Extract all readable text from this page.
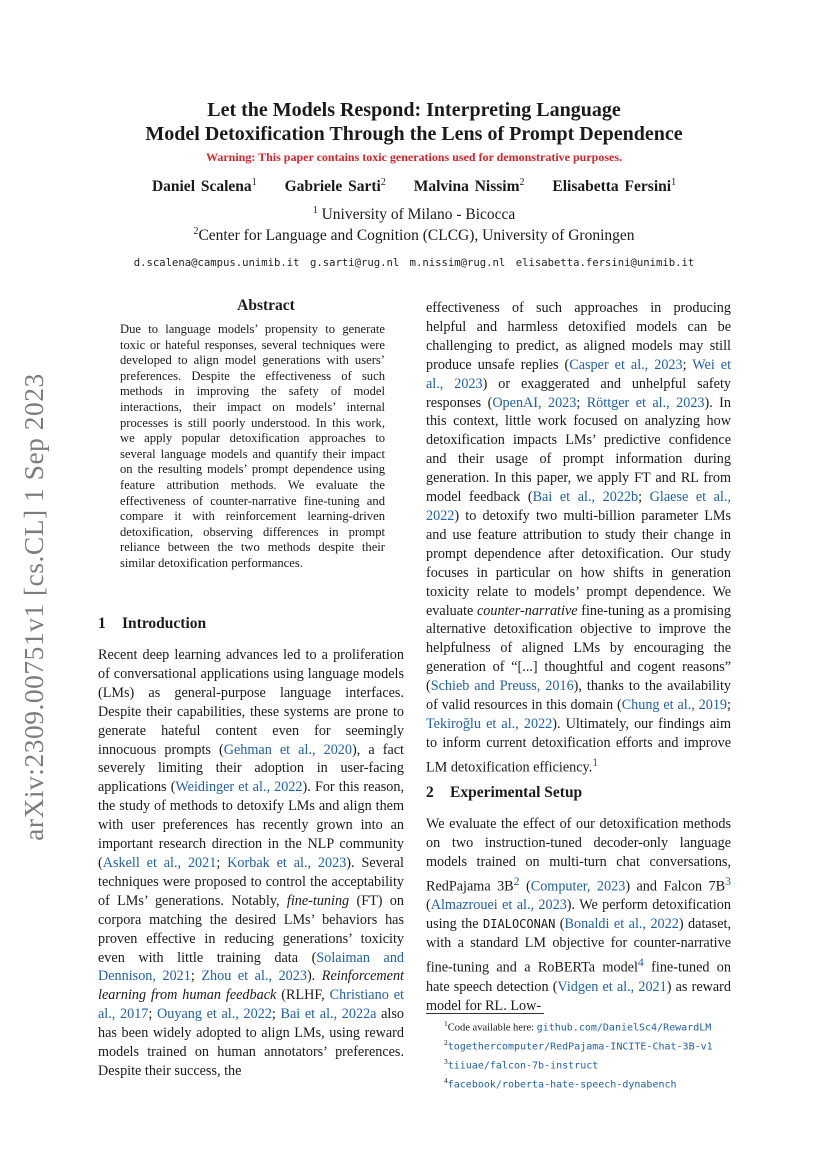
arXiv:2309.00751v1 [cs.CL] 1 Sep 2023
Let the Models Respond: Interpreting Language
Model Detoxification Through the Lens of Prompt Dependence
Warning: This paper contains toxic generations used for demonstrative purposes.
Daniel Scalena$^1$ Gabriele Sarti$^2$ Malvina Nissim$^2$ Elisabetta Fersini$^1$
$^1$ University of Milano - Bicocca
$^2$Center for Language and Cognition (CLCG), University of Groningen
d.scalena@campus.unimib.it g.sarti@rug.nl m.nissim@rug.nl elisabetta.fersini@unimib.it
Abstract
Due to language models’ propensity to generate toxic or hateful responses, several techniques were developed to align model generations with users’ preferences. Despite the effectiveness of such methods in improving the safety of model interactions, their impact on models’ internal processes is still poorly understood. In this work, we apply popular detoxification approaches to several language models and quantify their impact on the resulting models’ prompt dependence using feature attribution methods. We evaluate the effectiveness of counter-narrative fine-tuning and compare it with reinforcement learning-driven detoxification, observing differences in prompt reliance between the two methods despite their similar detoxification performances.
1 Introduction

Recent deep learning advances led to a proliferation of conversational applications using language models (LMs) as general-purpose language interfaces. Despite their capabilities, these systems are prone to generate hateful content even for seemingly innocuous prompts (Gehman et al., 2020), a fact severely limiting their adoption in user-facing applications (Weidinger et al., 2022). For this reason, the study of methods to detoxify LMs and align them with user preferences has recently grown into an important research direction in the NLP community (Askell et al., 2021; Korbak et al., 2023). Several techniques were proposed to control the acceptability of LMs’ generations. Notably, fine-tuning (FT) on corpora matching the desired LMs’ behaviors has proven effective in reducing generations’ toxicity even with little training data (Solaiman and Dennison, 2021; Zhou et al., 2023). Reinforcement learning from human feedback (RLHF, Christiano et al., 2017; Ouyang et al., 2022; Bai et al., 2022a also has been widely adopted to align LMs, using reward models trained on human annotators’ preferences. Despite their success, the

effectiveness of such approaches in producing helpful and harmless detoxified models can be challenging to predict, as aligned models may still produce unsafe replies (Casper et al., 2023; Wei et al., 2023) or exaggerated and unhelpful safety responses (OpenAI, 2023; Röttger et al., 2023). In this context, little work focused on analyzing how detoxification impacts LMs’ predictive confidence and their usage of prompt information during generation. In this paper, we apply FT and RL from model feedback (Bai et al., 2022b; Glaese et al., 2022) to detoxify two multi-billion parameter LMs and use feature attribution to study their change in prompt dependence after detoxification. Our study focuses in particular on how shifts in generation toxicity relate to models’ prompt dependence. We evaluate counter-narrative fine-tuning as a promising alternative detoxification objective to improve the helpfulness of aligned LMs by encouraging the generation of “[...] thoughtful and cogent reasons” (Schieb and Preuss, 2016), thanks to the availability of valid resources in this domain (Chung et al., 2019; Tekiroğlu et al., 2022). Ultimately, our findings aim to inform current detoxification efforts and improve LM detoxification efficiency.$^1$

2 Experimental Setup

We evaluate the effect of our detoxification methods on two instruction-tuned decoder-only language models trained on multi-turn chat conversations, RedPajama $3B^2$ (Computer, 2023) and Falcon $7B^3$ (Almazrouei et al., 2023). We perform detoxification using the DIALOCONAN (Bonaldi et al., 2022) dataset, with a standard LM objective for counter-narrative fine-tuning and a RoBERTa model$^4$ fine-tuned on hate speech detection (Vidgen et al., 2021) as reward model for RL. Low-

$^1$Code available here: github.com/DanielSc4/RewardLM
$^2$togethercomputer/RedPajama-INCITE-Chat-3B-v1
$^3$tiiuae/falcon-7b-instruct
$^4$facebook/roberta-hate-speech-dynabench
